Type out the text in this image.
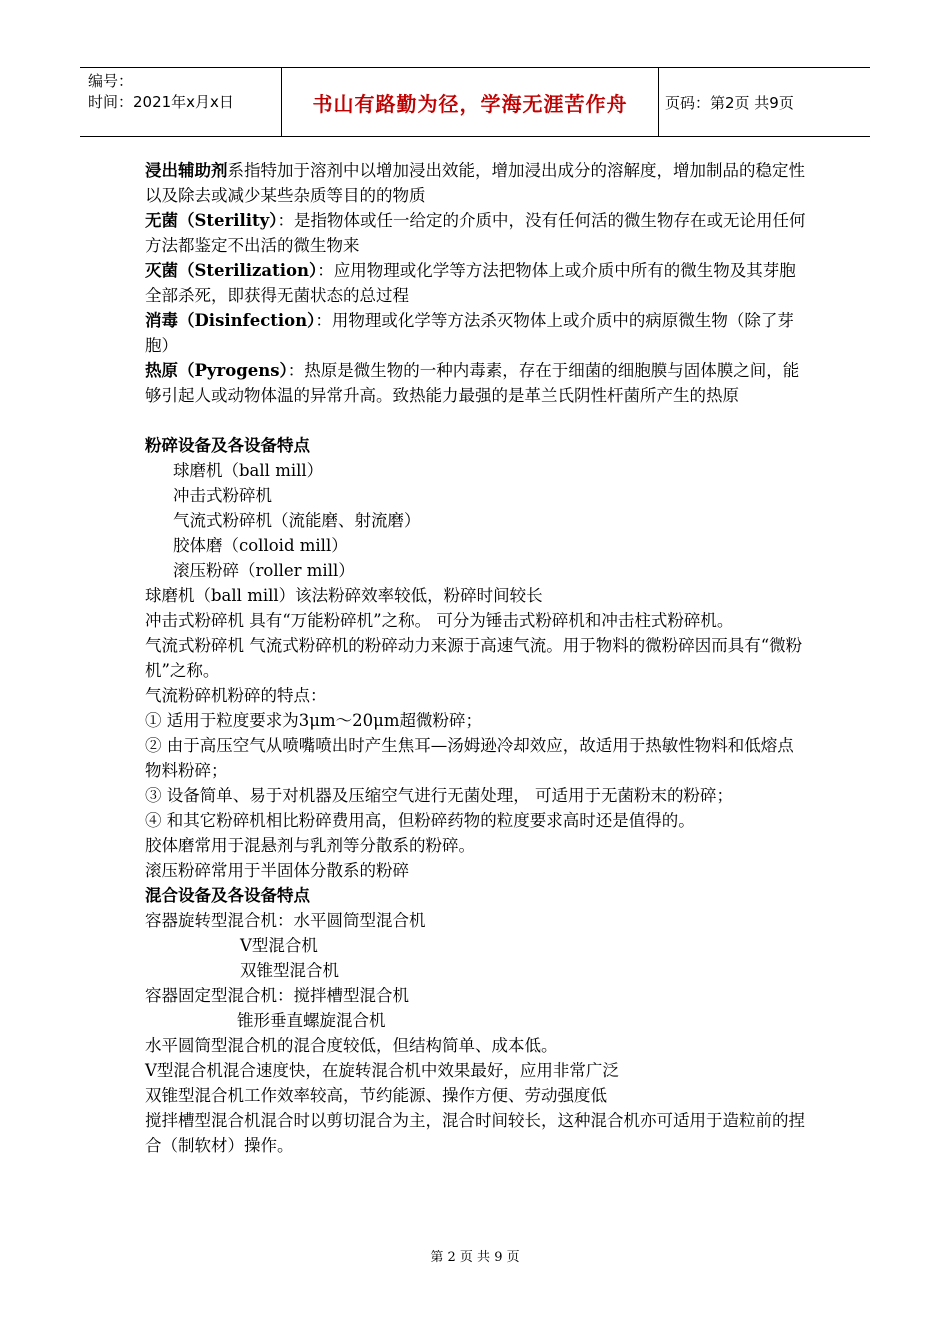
编号：
时间：2021年x月x日	书山有路勤为径，学海无涯苦作舟	页码：第2页 共9页

浸出辅助剂系指特加于溶剂中以增加浸出效能，增加浸出成分的溶解度，增加制品的稳定性以及除去或减少某些杂质等目的的物质

无菌（Sterility）：是指物体或任一给定的介质中，没有任何活的微生物存在或无论用任何方法都鉴定不出活的微生物来

灭菌（Sterilization）：应用物理或化学等方法把物体上或介质中所有的微生物及其芽胞全部杀死，即获得无菌状态的总过程

消毒（Disinfection）：用物理或化学等方法杀灭物体上或介质中的病原微生物（除了芽胞）

热原（Pyrogens）：热原是微生物的一种内毒素，存在于细菌的细胞膜与固体膜之间，能够引起人或动物体温的异常升高。致热能力最强的是革兰氏阴性杆菌所产生的热原

粉碎设备及各设备特点

球磨机（ball mill）

冲击式粉碎机

气流式粉碎机（流能磨、射流磨）

胶体磨（colloid mill）

滚压粉碎（roller mill）

球磨机（ball mill）该法粉碎效率较低，粉碎时间较长

冲击式粉碎机 具有“万能粉碎机”之称。 可分为锤击式粉碎机和冲击柱式粉碎机。

气流式粉碎机 气流式粉碎机的粉碎动力来源于高速气流。用于物料的微粉碎因而具有“微粉机”之称。

气流粉碎机粉碎的特点：

① 适用于粒度要求为3μm～20μm超微粉碎；

② 由于高压空气从喷嘴喷出时产生焦耳—汤姆逊冷却效应，故适用于热敏性物料和低熔点物料粉碎；

③ 设备简单、易于对机器及压缩空气进行无菌处理， 可适用于无菌粉末的粉碎；

④ 和其它粉碎机相比粉碎费用高，但粉碎药物的粒度要求高时还是值得的。

胶体磨常用于混悬剂与乳剂等分散系的粉碎。

滚压粉碎常用于半固体分散系的粉碎

混合设备及各设备特点

容器旋转型混合机：水平圆筒型混合机

V型混合机

双锥型混合机

容器固定型混合机：搅拌槽型混合机

锥形垂直螺旋混合机

水平圆筒型混合机的混合度较低，但结构简单、成本低。

V型混合机混合速度快，在旋转混合机中效果最好，应用非常广泛

双锥型混合机工作效率较高，节约能源、操作方便、劳动强度低

搅拌槽型混合机混合时以剪切混合为主，混合时间较长，这种混合机亦可适用于造粒前的捏合（制软材）操作。

第 2 页 共 9 页
